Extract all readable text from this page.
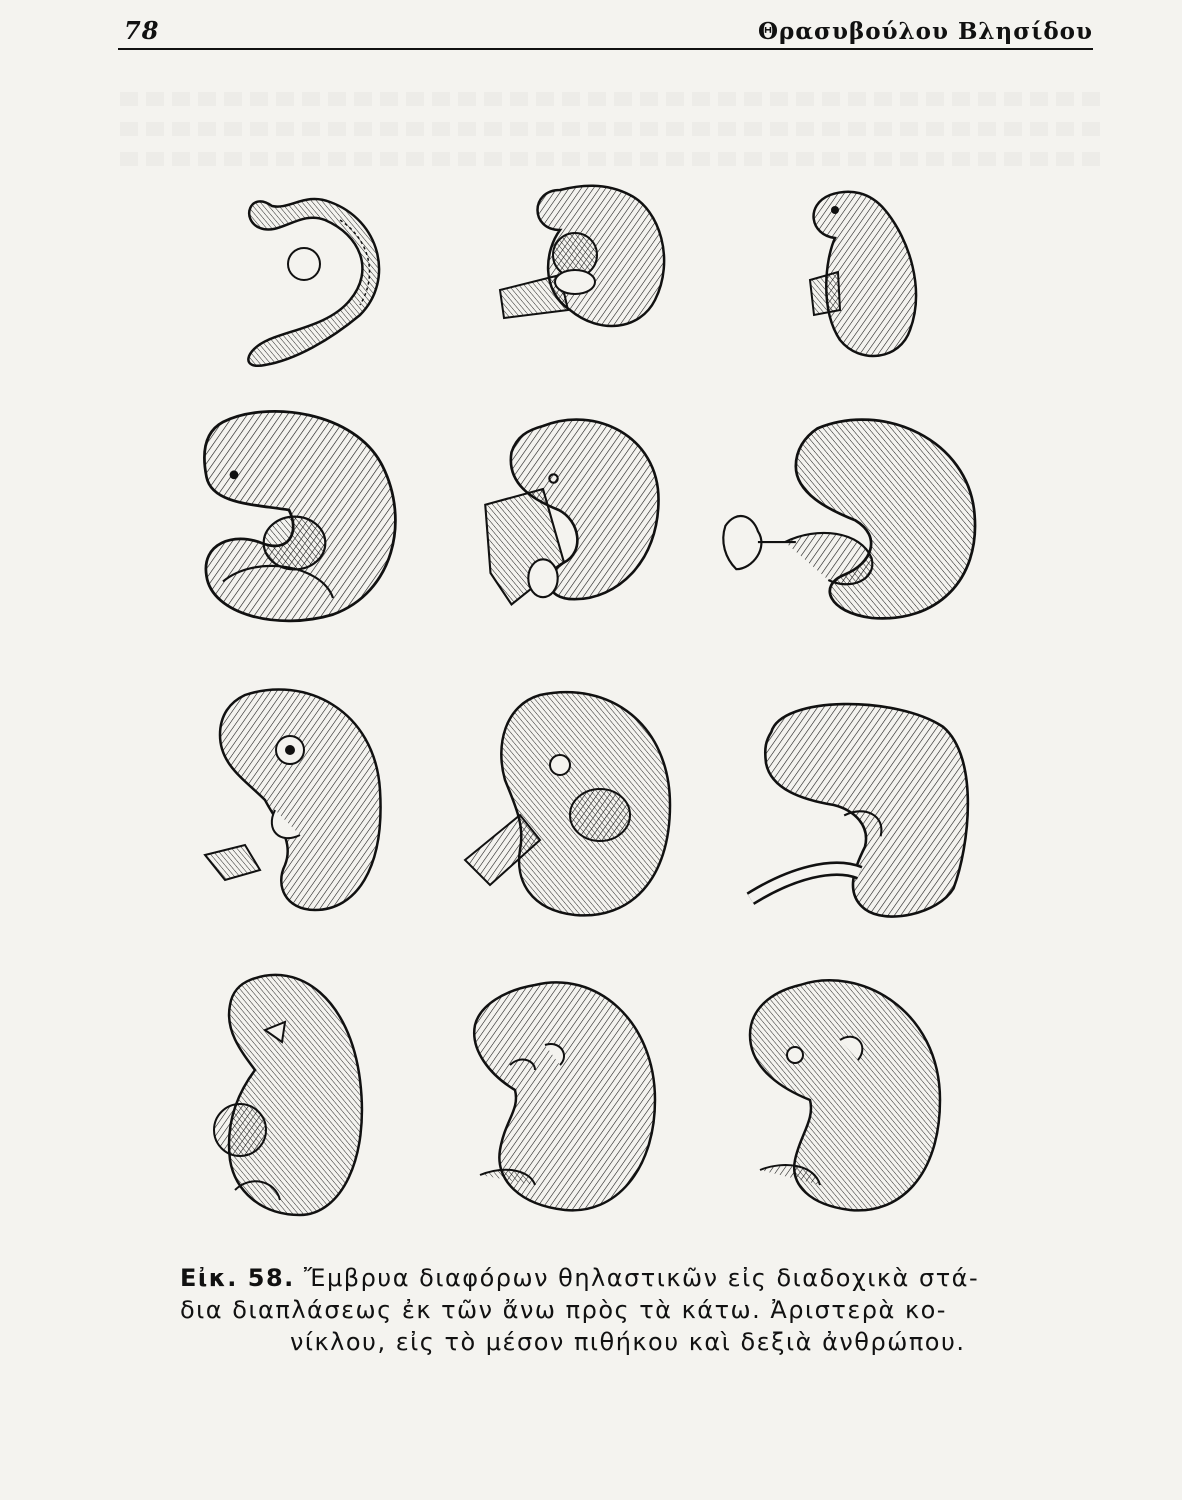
78	Θρασυβούλου Βλησίδου
Εἰκ. 58. Ἔμβρυα διαφόρων θηλαστικῶν εἰς διαδοχικὰ στά-
δια διαπλάσεως ἐκ τῶν ἄνω πρὸς τὰ κάτω. Ἀριστερὰ κο-
νίκλου, εἰς τὸ μέσον πιθήκου καὶ δεξιὰ ἀνθρώπου.
